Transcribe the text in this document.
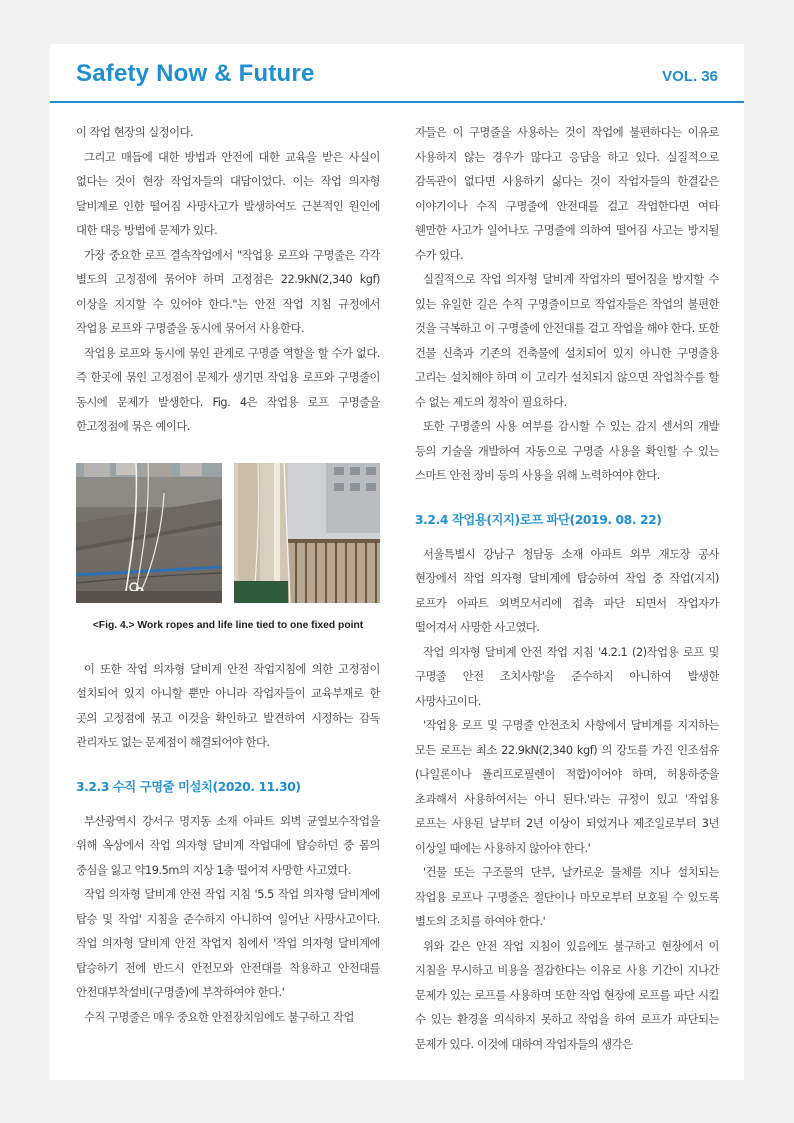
Safety Now & Future	VOL. 36

이 작업 현장의 실정이다.

그리고 매듭에 대한 방법과 안전에 대한 교육을 받은 사실이 없다는 것이 현장 작업자들의 대답이었다. 이는 작업 의자형 달비계로 인한 떨어짐 사망사고가 발생하여도 근본적인 원인에 대한 대응 방법에 문제가 있다.

가장 중요한 로프 결속작업에서 "작업용 로프와 구명줄은 각각 별도의 고정점에 묶어야 하며 고정점은 22.9kN(2,340 kgf) 이상을 지지할 수 있어야 한다."는 안전 작업 지침 규정에서 작업용 로프와 구명줄을 동시에 묶어서 사용한다.

작업용 로프와 동시에 묶인 관계로 구명줄 역할을 할 수가 없다. 즉 한곳에 묶인 고정점이 문제가 생기면 작업용 로프와 구명줄이 동시에 문제가 발생한다. Fig. 4은 작업용 로프 구명줄을 한고정점에 묶은 예이다.

<Fig. 4.> Work ropes and life line tied to one fixed point

이 또한 작업 의자형 달비계 안전 작업지침에 의한 고정점이 설치되어 있지 아니할 뿐만 아니라 작업자들이 교육부재로 한 곳의 고정점에 묶고 이것을 확인하고 발견하여 시정하는 감독 관리자도 없는 문제점이 해결되어야 한다.

3.2.3 수직 구명줄 미설치(2020. 11.30)

부산광역시 강서구 명지동 소재 아파트 외벽 균열보수작업을 위해 옥상에서 작업 의자형 달비계 작업대에 탑승하던 중 몸의 중심을 잃고 약19.5m의 지상 1층 떨어져 사망한 사고였다.

작업 의자형 달비계 안전 작업 지침 '5.5 작업 의자형 달비계에 탑승 및 작업' 지침을 준수하지 아니하여 일어난 사망사고이다. 작업 의자형 달비계 안전 작업지 침에서 '작업 의자형 달비계에 탑승하기 전에 반드시 안전모와 안전대를 착용하고 안전대를 안전대부착설비(구명줄)에 부착하여야 한다.'

수직 구명줄은 매우 중요한 안전장치임에도 불구하고 작업

자들은 이 구명줄을 사용하는 것이 작업에 불편하다는 이유로 사용하지 않는 경우가 많다고 응답을 하고 있다. 실질적으로 감독관이 없다면 사용하기 싫다는 것이 작업자들의 한결같은 이야기이나 수직 구명줄에 안전대를 걸고 작업한다면 여타 웬만한 사고가 일어나도 구명줄에 의하여 떨어짐 사고는 방지될 수가 있다.

실질적으로 작업 의자형 달비계 작업자의 떨어짐을 방지할 수 있는 유일한 길은 수직 구명줄이므로 작업자들은 작업의 불편한 것을 극복하고 이 구명줄에 안전대를 걸고 작업을 해야 한다. 또한 건물 신축과 기존의 건축물에 설치되어 있지 아니한 구명줄용 고리는 설치해야 하며 이 고리가 설치되지 않으면 작업착수를 할 수 없는 제도의 정착이 필요하다.

또한 구명줄의 사용 여부를 감시할 수 있는 감지 센서의 개발 등의 기술을 개발하여 자동으로 구명줄 사용을 확인할 수 있는 스마트 안전 장비 등의 사용을 위해 노력하여야 한다.

3.2.4 작업용(지지)로프 파단(2019. 08. 22)

서울특별시 강남구 청담동 소재 아파트 외부 재도장 공사 현장에서 작업 의자형 달비계에 탑승하여 작업 중 작업(지지)로프가 아파트 외벽모서리에 접촉 파단 되면서 작업자가 떨어져서 사망한 사고였다.

작업 의자형 달비계 안전 작업 지침 '4.2.1 (2)작업용 로프 및 구명줄 안전 조치사항'을 준수하지 아니하여 발생한 사망사고이다.

'작업용 로프 및 구명줄 안전조치 사항에서 달비계를 지지하는 모든 로프는 최소 22.9kN(2,340 kgf) 의 강도를 가진 인조섬유(나일론이나 폴리프로필렌이 적합)이어야 하며, 허용하중을 초과해서 사용하여서는 아니 된다.'라는 규정이 있고 '작업용 로프는 사용된 날부터 2년 이상이 되었거나 제조일로부터 3년 이상일 때에는 사용하지 않아야 한다.'

'건물 또는 구조물의 단부, 날카로운 물체를 지나 설치되는 작업용 로프나 구명줄은 절단이나 마모로부터 보호될 수 있도록 별도의 조치를 하여야 한다.'

위와 같은 안전 작업 지침이 있음에도 불구하고 현장에서 이 지침을 무시하고 비용을 절감한다는 이유로 사용 기간이 지나간 문제가 있는 로프를 사용하며 또한 작업 현장에 로프를 파단 시킬 수 있는 환경을 의식하지 못하고 작업을 하여 로프가 파단되는 문제가 있다. 이것에 대하여 작업자들의 생각은
